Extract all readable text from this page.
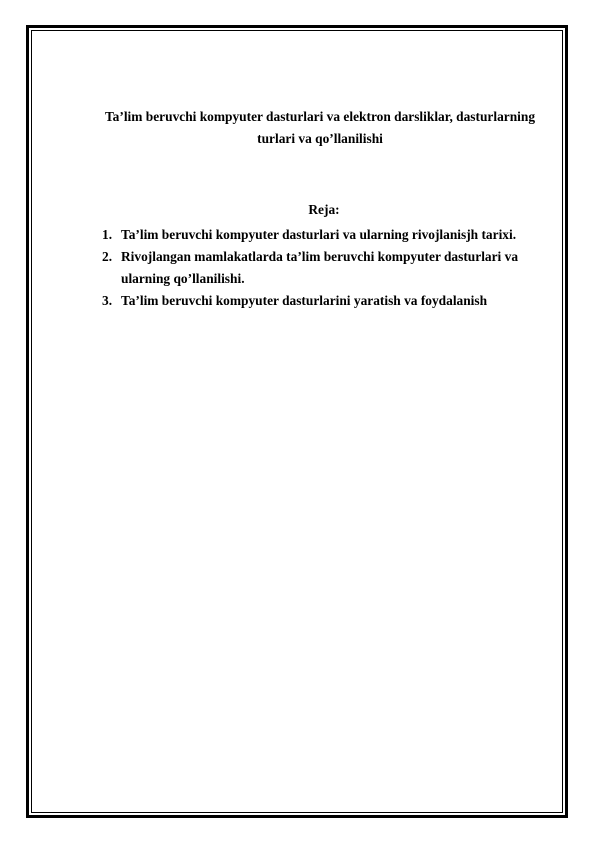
Ta’lim beruvchi kompyuter dasturlari va elektron darsliklar, dasturlarning
turlari va qo’llanilishi
Reja:
1. Ta’lim beruvchi kompyuter dasturlari va ularning rivojlanisjh tarixi.
2. Rivojlangan mamlakatlarda ta’lim beruvchi kompyuter dasturlari va
ularning qo’llanilishi.
3. Ta’lim beruvchi kompyuter dasturlarini yaratish va foydalanish
